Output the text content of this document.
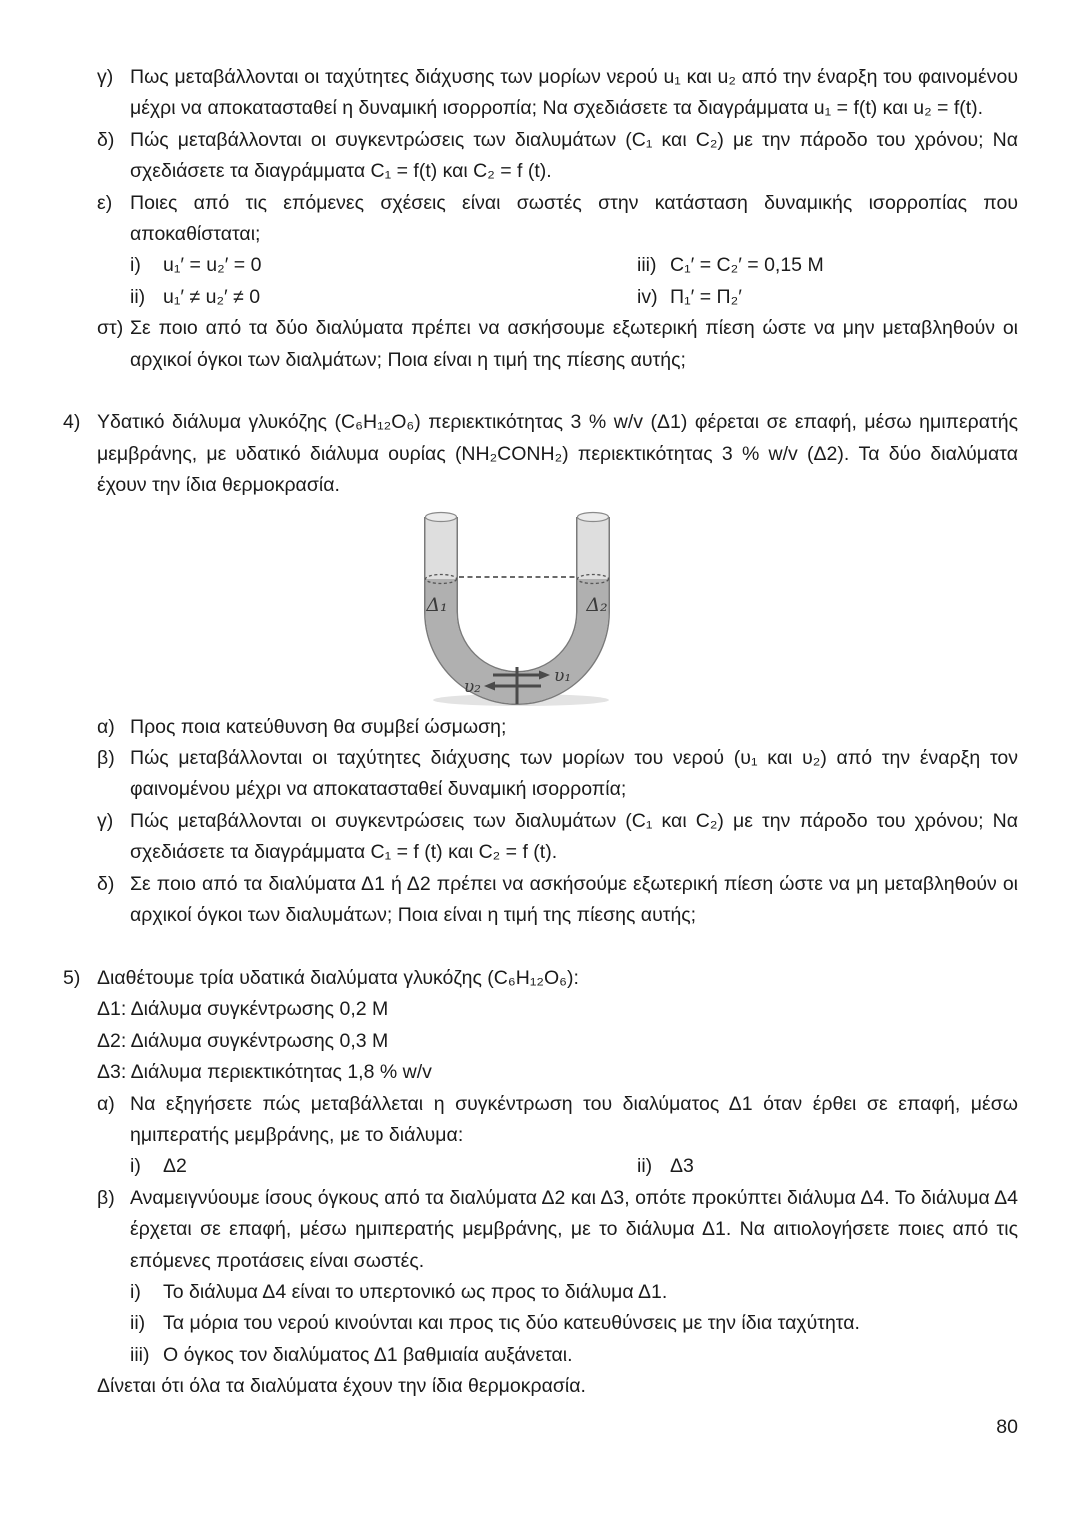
γ) Πως μεταβάλλονται οι ταχύτητες διάχυσης των μορίων νερού u₁ και u₂ από την έναρξη του φαινομένου μέχρι να αποκατασταθεί η δυναμική ισορροπία; Να σχεδιάσετε τα διαγράμματα u₁ = f(t) και u₂ = f(t).
δ) Πώς μεταβάλλονται οι συγκεντρώσεις των διαλυμάτων (C₁ και C₂) με την πάροδο του χρόνου; Να σχεδιάσετε τα διαγράμματα C₁ = f(t) και C₂ = f (t).
ε) Ποιες από τις επόμενες σχέσεις είναι σωστές στην κατάσταση δυναμικής ισορροπίας που αποκαθίσταται;
i)	u₁′ = u₂′ = 0	iii) C₁′ = C₂′ = 0,15 M
ii) u₁′ ≠ u₂′ ≠ 0	iv) Π₁′ = Π₂′
στ) Σε ποιο από τα δύο διαλύματα πρέπει να ασκήσουμε εξωτερική πίεση ώστε να μην μεταβληθούν οι αρχικοί όγκοι των διαλμάτων; Ποια είναι η τιμή της πίεσης αυτής;
4) Υδατικό διάλυμα γλυκόζης (C₆H₁₂O₆) περιεκτικότητας 3 % w/v (Δ1) φέρεται σε επαφή, μέσω ημιπερατής μεμβράνης, με υδατικό διάλυμα ουρίας (NH₂CONH₂) περιεκτικότητας 3 % w/v (Δ2). Τα δύο διαλύματα έχουν την ίδια θερμοκρασία.
Δ₁	Δ₂
υ₂
υ₁
α) Προς ποια κατεύθυνση θα συμβεί ώσμωση;
β) Πώς μεταβάλλονται οι ταχύτητες διάχυσης των μορίων του νερού (υ₁ και υ₂) από την έναρξη τον φαινομένου μέχρι να αποκατασταθεί δυναμική ισορροπία;
γ) Πώς μεταβάλλονται οι συγκεντρώσεις των διαλυμάτων (C₁ και C₂) με την πάροδο του χρόνου; Να σχεδιάσετε τα διαγράμματα C₁ = f (t) και C₂ = f (t).
δ) Σε ποιο από τα διαλύματα Δ1 ή Δ2 πρέπει να ασκήσούμε εξωτερική πίεση ώστε να μη μεταβληθούν οι αρχικοί όγκοι των διαλυμάτων; Ποια είναι η τιμή της πίεσης αυτής;
5) Διαθέτουμε τρία υδατικά διαλύματα γλυκόζης (C₆H₁₂O₆):
Δ1: Διάλυμα συγκέντρωσης 0,2 Μ
Δ2: Διάλυμα συγκέντρωσης 0,3 Μ
Δ3: Διάλυμα περιεκτικότητας 1,8 % w/v
α) Να εξηγήσετε πώς μεταβάλλεται η συγκέντρωση του διαλύματος Δ1 όταν έρθει σε επαφή, μέσω ημιπερατής μεμβράνης, με το διάλυμα:
i)	Δ2	ii) Δ3
β) Αναμειγνύουμε ίσους όγκους από τα διαλύματα Δ2 και Δ3, οπότε προκύπτει διάλυμα Δ4. Το διάλυμα Δ4 έρχεται σε επαφή, μέσω ημιπερατής μεμβράνης, με το διάλυμα Δ1. Να αιτιολογήσετε ποιες από τις επόμενες προτάσεις είναι σωστές.
i)	Το διάλυμα Δ4 είναι το υπερτονικό ως προς το διάλυμα Δ1.
ii) Τα μόρια του νερού κινούνται και προς τις δύο κατευθύνσεις με την ίδια ταχύτητα.
iii) Ο όγκος τον διαλύματος Δ1 βαθμιαία αυξάνεται.
Δίνεται ότι όλα τα διαλύματα έχουν την ίδια θερμοκρασία.
80
